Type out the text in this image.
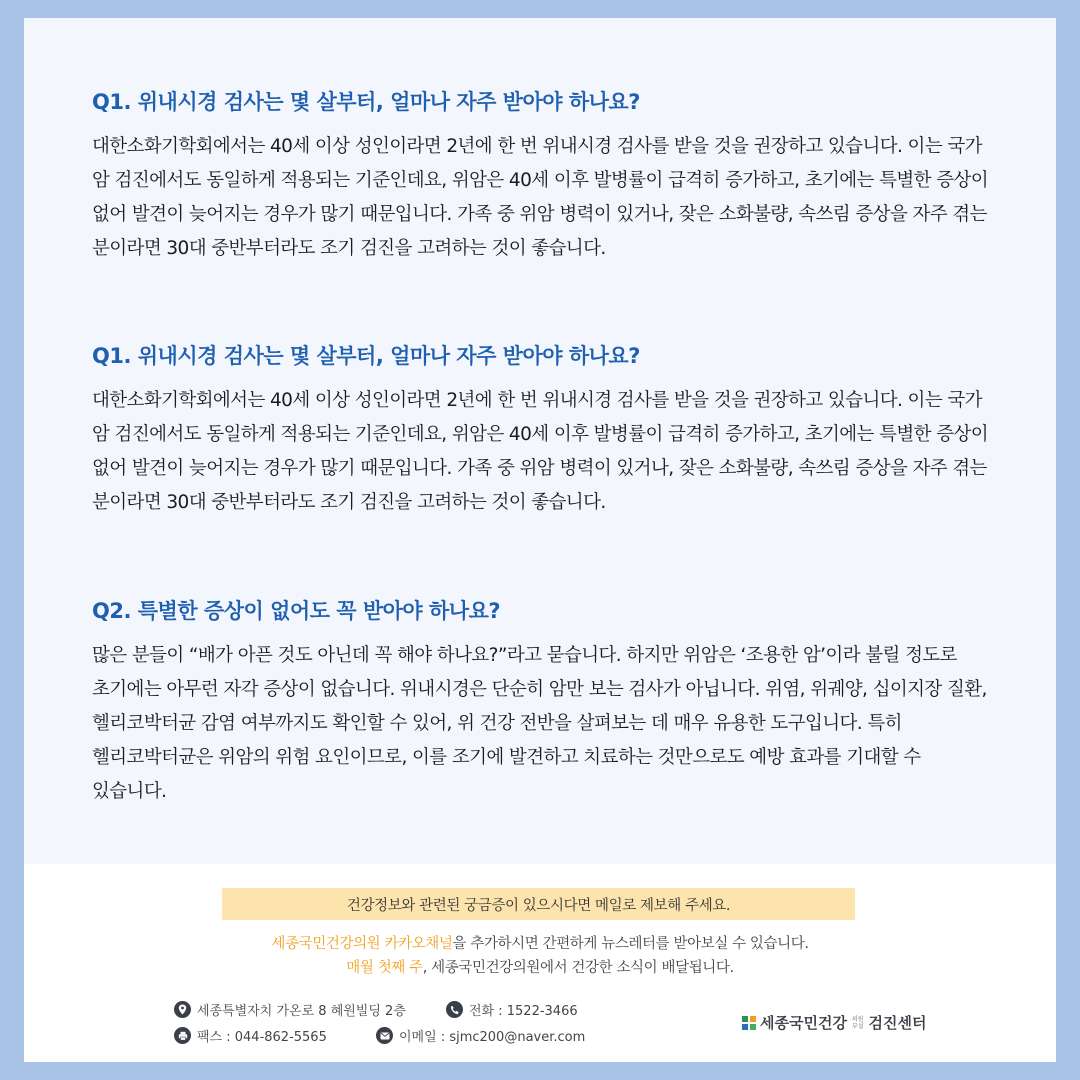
Q1. 위내시경 검사는 몇 살부터, 얼마나 자주 받아야 하나요?

대한소화기학회에서는 40세 이상 성인이라면 2년에 한 번 위내시경 검사를 받을 것을 권장하고 있습니다. 이는 국가 암 검진에서도 동일하게 적용되는 기준인데요, 위암은 40세 이후 발병률이 급격히 증가하고, 초기에는 특별한 증상이 없어 발견이 늦어지는 경우가 많기 때문입니다. 가족 중 위암 병력이 있거나, 잦은 소화불량, 속쓰림 증상을 자주 겪는 분이라면 30대 중반부터라도 조기 검진을 고려하는 것이 좋습니다.

Q1. 위내시경 검사는 몇 살부터, 얼마나 자주 받아야 하나요?

대한소화기학회에서는 40세 이상 성인이라면 2년에 한 번 위내시경 검사를 받을 것을 권장하고 있습니다. 이는 국가 암 검진에서도 동일하게 적용되는 기준인데요, 위암은 40세 이후 발병률이 급격히 증가하고, 초기에는 특별한 증상이 없어 발견이 늦어지는 경우가 많기 때문입니다. 가족 중 위암 병력이 있거나, 잦은 소화불량, 속쓰림 증상을 자주 겪는 분이라면 30대 중반부터라도 조기 검진을 고려하는 것이 좋습니다.

Q2. 특별한 증상이 없어도 꼭 받아야 하나요?

많은 분들이 “배가 아픈 것도 아닌데 꼭 해야 하나요?”라고 묻습니다. 하지만 위암은 ‘조용한 암’이라 불릴 정도로 초기에는 아무런 자각 증상이 없습니다. 위내시경은 단순히 암만 보는 검사가 아닙니다. 위염, 위궤양, 십이지장 질환, 헬리코박터균 감염 여부까지도 확인할 수 있어, 위 건강 전반을 살펴보는 데 매우 유용한 도구입니다. 특히 헬리코박터균은 위암의 위험 요인이므로, 이를 조기에 발견하고 치료하는 것만으로도 예방 효과를 기대할 수 있습니다.

건강정보와 관련된 궁금증이 있으시다면 메일로 제보해 주세요.
세종국민건강의원 카카오채널을 추가하시면 간편하게 뉴스레터를 받아보실 수 있습니다.
매월 첫째 주, 세종국민건강의원에서 건강한 소식이 배달됩니다.
세종특별자치 가온로 8 혜원빌딩 2층	전화 : 1522-3466
팩스 : 044-862-5565	이메일 : sjmc200@naver.com
세종국민건강 의원
부설 검진센터
